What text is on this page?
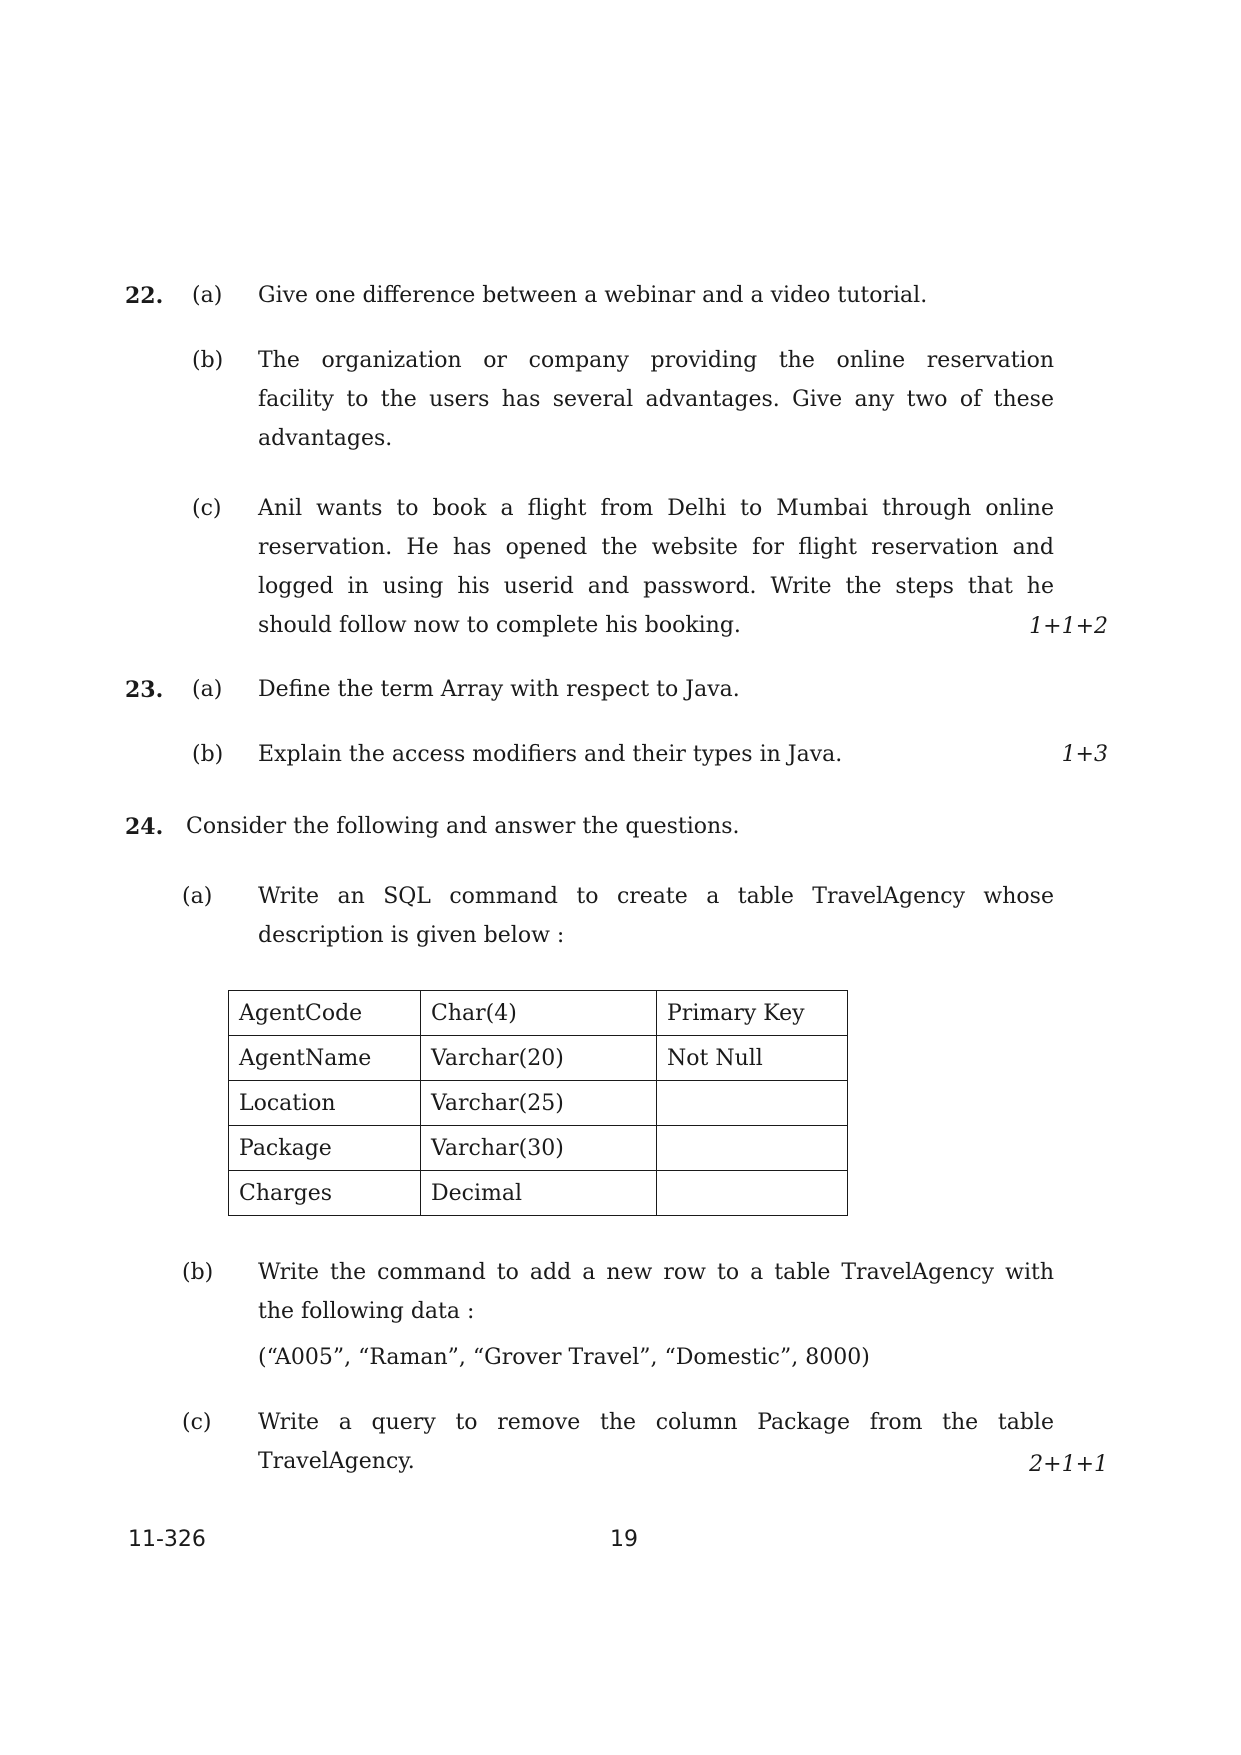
22. (a) Give one difference between a webinar and a video tutorial.
(b) The organization or company providing the online reservation
facility to the users has several advantages. Give any two of these
advantages.
(c) Anil wants to book a flight from Delhi to Mumbai through online
reservation. He has opened the website for flight reservation and
logged in using his userid and password. Write the steps that he
should follow now to complete his booking.	1+1+2
23. (a) Define the term Array with respect to Java.
(b) Explain the access modifiers and their types in Java.	1+3
24. Consider the following and answer the questions.
(a) Write an SQL command to create a table TravelAgency whose
description is given below :
AgentCode	Char(4)	Primary Key
AgentName	Varchar(20)	Not Null
Location	Varchar(25)	
Package	Varchar(30)	
Charges	Decimal	
(b) Write the command to add a new row to a table TravelAgency with
the following data :
(“A005”, “Raman”, “Grover Travel”, “Domestic”, 8000)
(c) Write a query to remove the column Package from the table
TravelAgency.	2+1+1
11-326	19
